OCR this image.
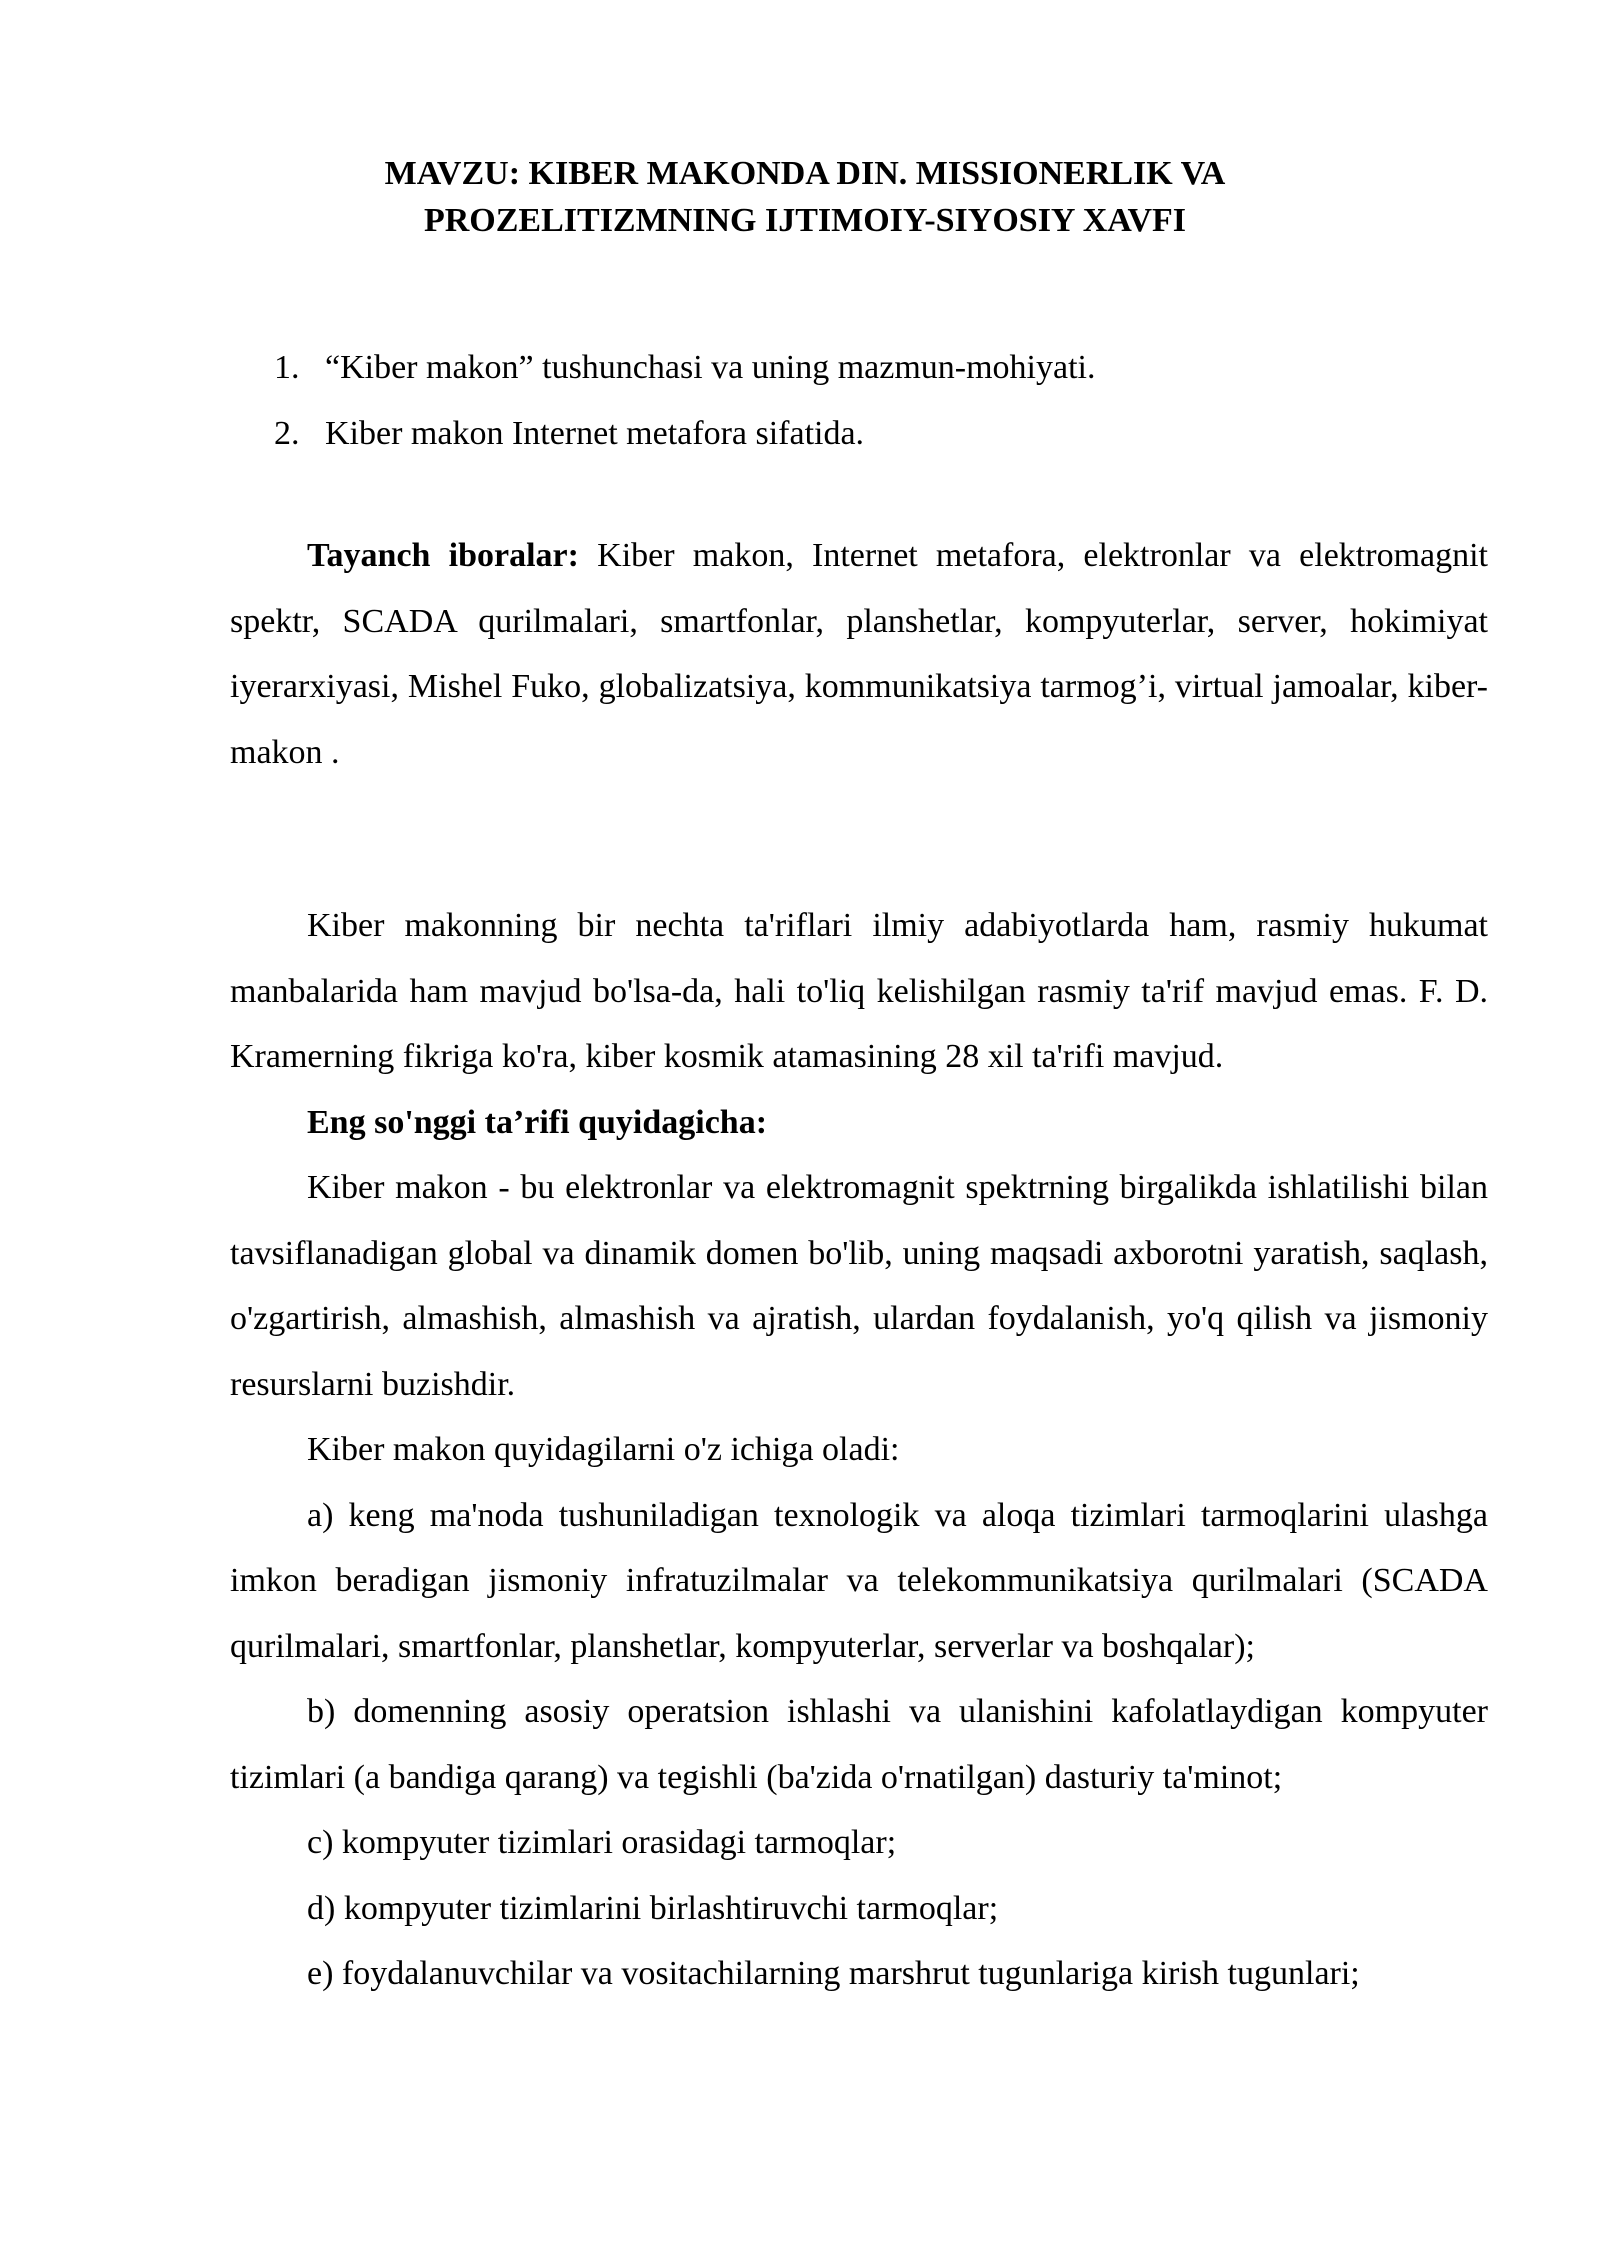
MAVZU: KIBER MAKONDA DIN. MISSIONERLIK VA
PROZELITIZMNING IJTIMOIY-SIYOSIY XAVFI
1. “Kiber makon” tushunchasi va uning mazmun-mohiyati.
2. Kiber makon Internet metafora sifatida.

Tayanch iboralar: Kiber makon, Internet metafora, elektronlar va elektromagnit spektr, SCADA qurilmalari, smartfonlar, planshetlar, kompyuterlar, server, hokimiyat iyerarxiyasi, Mishel Fuko, globalizatsiya, kommunikatsiya tarmog’i, virtual jamoalar, kiber-makon .

Kiber makonning bir nechta ta'riflari ilmiy adabiyotlarda ham, rasmiy hukumat manbalarida ham mavjud bo'lsa-da, hali to'liq kelishilgan rasmiy ta'rif mavjud emas. F. D. Kramerning fikriga ko'ra, kiber kosmik atamasining 28 xil ta'rifi mavjud.

Eng so'nggi ta’rifi quyidagicha:

Kiber makon - bu elektronlar va elektromagnit spektrning birgalikda ishlatilishi bilan tavsiflanadigan global va dinamik domen bo'lib, uning maqsadi axborotni yaratish, saqlash, o'zgartirish, almashish, almashish va ajratish, ulardan foydalanish, yo'q qilish va jismoniy resurslarni buzishdir.

Kiber makon quyidagilarni o'z ichiga oladi:

a) keng ma'noda tushuniladigan texnologik va aloqa tizimlari tarmoqlarini ulashga imkon beradigan jismoniy infratuzilmalar va telekommunikatsiya qurilmalari (SCADA qurilmalari, smartfonlar, planshetlar, kompyuterlar, serverlar va boshqalar);

b) domenning asosiy operatsion ishlashi va ulanishini kafolatlaydigan kompyuter tizimlari (a bandiga qarang) va tegishli (ba'zida o'rnatilgan) dasturiy ta'minot;

c) kompyuter tizimlari orasidagi tarmoqlar;

d) kompyuter tizimlarini birlashtiruvchi tarmoqlar;

e) foydalanuvchilar va vositachilarning marshrut tugunlariga kirish tugunlari;
